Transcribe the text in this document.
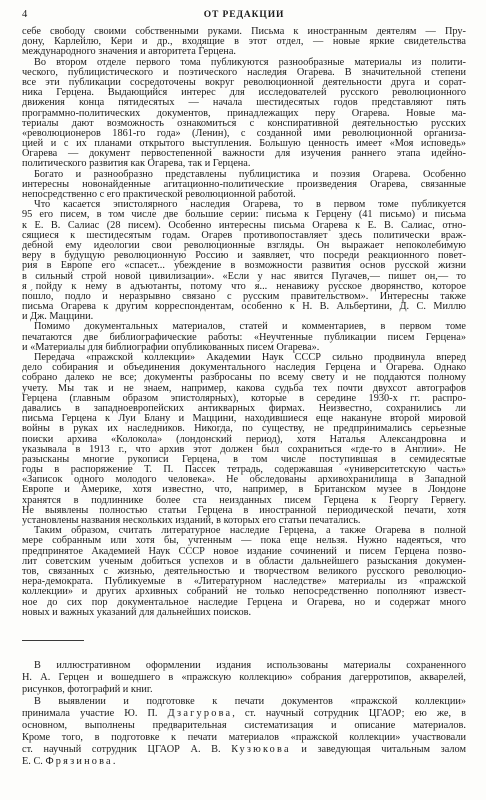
4	ОТ РЕДАКЦИИ
себе свободу своими собственными руками. Письма к иностранным деятелям — Пру-
дону, Карлейлю, Кери и др., входящие в этот отдел, — новые яркие свидетельства
международного значения и авторитета Герцена.
Во втором отделе первого тома публикуются разнообразные материалы из полити-
ческого, публицистического и поэтического наследия Огарева. В значительной степени
все эти публикации сосредоточены вокруг революционной деятельности друга и сорат-
ника Герцена. Выдающийся интерес для исследователей русского революционного
движения конца пятидесятых — начала шестидесятых годов представляют пять
программно-политических документов, принадлежащих перу Огарева. Новые ма-
териалы дают возможность ознакомиться с конспиративной деятельностью русских
«революционеров 1861-го года» (Ленин), с созданной ими революционной организа-
цией и с их планами открытого выступления. Большую ценность имеет «Моя исповедь»
Огарева — документ первостепенной важности для изучения раннего этапа идейно-
политического развития как Огарева, так и Герцена.
Богато и разнообразно представлены публицистика и поэзия Огарева. Особенно
интересны новонайденные агитационно-политические произведения Огарева, связанные
непосредственно с его практической революционной работой.
Что касается эпистолярного наследия Огарева, то в первом томе публикуется
95 его писем, в том числе две большие серии: письма к Герцену (41 письмо) и письма
к Е. В. Салиас (28 писем). Особенно интересны письма Огарева к Е. В. Салиас, отно-
сящиеся к шестидесятым годам. Огарев противопоставляет здесь политически враж-
дебной ему идеологии свои революционные взгляды. Он выражает непоколебимую
веру в будущую революционную Россию и заявляет, что посреди реакционного повет-
рия в Европе его «спасет... убеждение в возможности развития основ русской жизни
в сильный строй новой цивилизации». «Если у нас явится Пугачев,— пишет он,— то
я пойду к нему в адъютанты, потому что я... ненавижу русское дворянство, которое
по́шло, подло и неразрывно связано с русским правительством». Интересны также
письма Огарева к другим корреспондентам, особенно к Н. В. Альбертини, Д. С. Миллю
и Дж. Маццини.
Помимо документальных материалов, статей и комментариев, в первом томе
печатаются две библиографические работы: «Неучтенные публикации писем Герцена»
и «Материалы для библиографии опубликованных писем Огарева».
Передача «пражской коллекции» Академии Наук СССР сильно продвинула вперед
дело собирания и объединения документального наследия Герцена и Огарева. Однако
собрано далеко не все; документы разбросаны по всему свету и не поддаются полному
учету. Мы так и не знаем, например, какова судьба тех почти двухсот автографов
Герцена (главным образом эпистолярных), которые в середине 1930-х гг. распро-
давались в западноевропейских антикварных фирмах. Неизвестно, сохранились ли
письма Герцена к Луи Блану и Маццини, находившиеся еще накануне второй мировой
войны в руках их наследников. Никогда, по существу, не предпринимались серьезные
поиски архива «Колокола» (лондонский период), хотя Наталья Александровна и
указывала в 1913 г., что архив этот должен был сохраниться «где-то в Англии». Не
разысканы многие рукописи Герцена, в том числе поступившая в семидесятые
годы в распоряжение Т. П. Пассек тетрадь, содержавшая «университетскую часть»
«Записок одного молодого человека». Не обследованы архивохранилища в Западной
Европе и Америке, хотя известно, что, например, в Британском музее в Лондоне
хранятся в подлиннике более ста неизданных писем Герцена к Георгу Гервегу.
Не выявлены полностью статьи Герцена в иностранной периодической печати, хотя
установлены названия нескольких изданий, в которых его статьи печатались.
Таким образом, считать литературное наследие Герцена, а также Огарева в полной
мере собранным или хотя бы, учтенным — пока еще нельзя. Нужно надеяться, что
предпринятое Академией Наук СССР новое издание сочинений и писем Герцена позво-
лит советским ученым добиться успехов и в области дальнейшего разыскания докумен-
тов, связанных с жизнью, деятельностью и творчеством великого русского революцио-
нера-демократа. Публикуемые в «Литературном наследстве» материалы из «пражской
коллекции» и других архивных собраний не только непосредственно пополняют извест-
ное до сих пор документальное наследие Герцена и Огарева, но и содержат много
новых и важных указаний для дальнейших поисков.
В иллюстративном оформлении издания использованы материалы сохраненного
Н. А. Герцен и вошедшего в «пражскую коллекцию» собрания дагерротипов, акварелей,
рисунков, фотографий и книг.
В выявлении и подготовке к печати документов «пражской коллекции»
принимала участие Ю. П. Дзагурова, ст. научный сотрудник ЦГАОР; ею же, в
основном, выполнены предварительная систематизация и описание материалов.
Кроме того, в подготовке к печати материалов «пражской коллекции» участвовали
ст. научный сотрудник ЦГАОР А. В. Кузюкова и заведующая читальным залом
Е. С. Фрязинова.
